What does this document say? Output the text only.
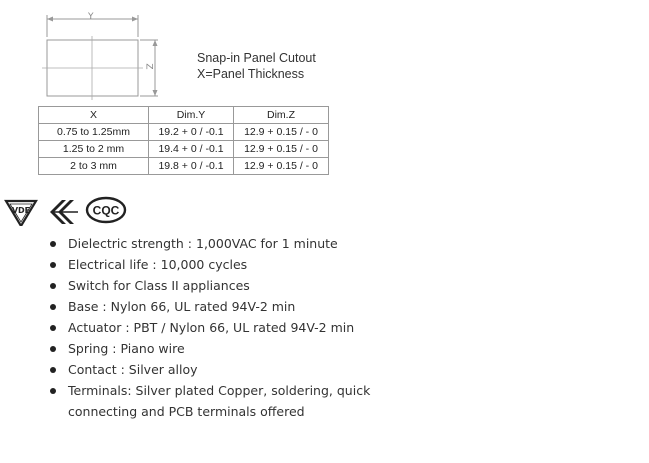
Y
Z
Snap-in Panel Cutout
X=Panel Thickness
X	Dim.Y	Dim.Z
0.75 to 1.25mm	19.2 + 0 / -0.1	12.9 + 0.15 / - 0
1.25 to 2 mm	19.4 + 0 / -0.1	12.9 + 0.15 / - 0
2 to 3 mm	19.8 + 0 / -0.1	12.9 + 0.15 / - 0
VDE	CQC
Dielectric strength : 1,000VAC for 1 minute
Electrical life : 10,000 cycles
Switch for Class II appliances
Base : Nylon 66, UL rated 94V-2 min
Actuator : PBT / Nylon 66, UL rated 94V-2 min
Spring : Piano wire
Contact : Silver alloy
Terminals: Silver plated Copper, soldering, quick connecting and PCB terminals offered
